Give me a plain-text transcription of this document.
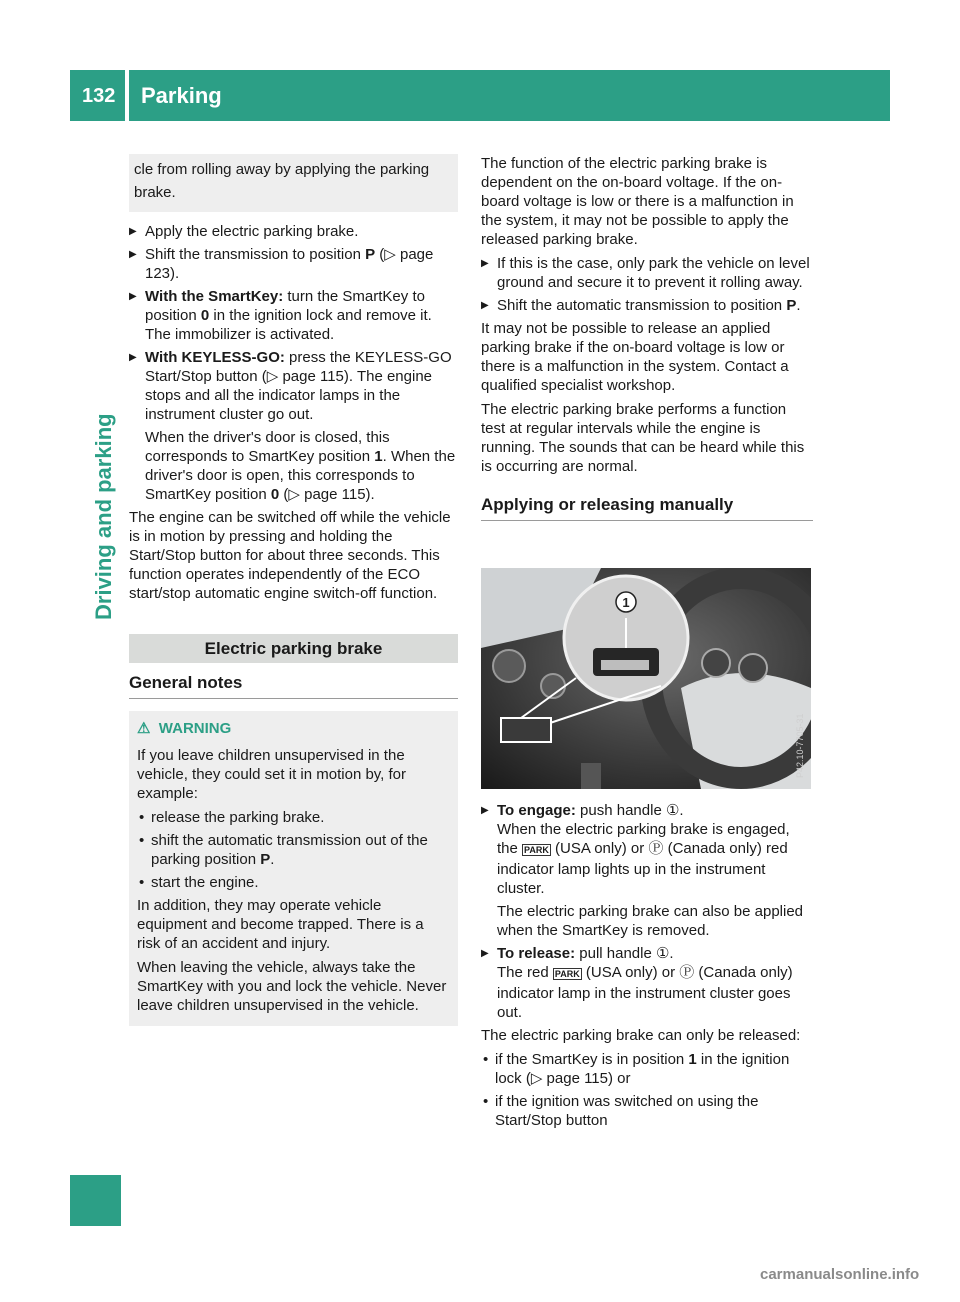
132 Parking
Driving and parking

cle from rolling away by applying the parking brake.

▶ Apply the electric parking brake.
▶ Shift the transmission to position P (▷ page 123).
▶ With the SmartKey: turn the SmartKey to position 0 in the ignition lock and remove it. The immobilizer is activated.
▶ With KEYLESS-GO: press the KEYLESS-GO Start/Stop button (▷ page 115). The engine stops and all the indicator lamps in the instrument cluster go out.

When the driver's door is closed, this corresponds to SmartKey position 1. When the driver's door is open, this corresponds to SmartKey position 0 (▷ page 115).

The engine can be switched off while the vehicle is in motion by pressing and holding the Start/Stop button for about three seconds. This function operates independently of the ECO start/stop automatic engine switch-off function.

Electric parking brake
General notes
⚠ WARNING

If you leave children unsupervised in the vehicle, they could set it in motion by, for example:

• release the parking brake.
• shift the automatic transmission out of the parking position P.
• start the engine.

In addition, they may operate vehicle equipment and become trapped. There is a risk of an accident and injury.

When leaving the vehicle, always take the SmartKey with you and lock the vehicle. Never leave children unsupervised in the vehicle.

The function of the electric parking brake is dependent on the on-board voltage. If the on-board voltage is low or there is a malfunction in the system, it may not be possible to apply the released parking brake.

▶ If this is the case, only park the vehicle on level ground and secure it to prevent it rolling away.
▶ Shift the automatic transmission to position P.

It may not be possible to release an applied parking brake if the on-board voltage is low or there is a malfunction in the system. Contact a qualified specialist workshop.

The electric parking brake performs a function test at regular intervals while the engine is running. The sounds that can be heard while this is occurring are normal.

Applying or releasing manually
1
P42.10-7705-31
▶ To engage: push handle ①.
When the electric parking brake is engaged, the PARK (USA only) or Ⓟ (Canada only) red indicator lamp lights up in the instrument cluster.

The electric parking brake can also be applied when the SmartKey is removed.

▶ To release: pull handle ①.
The red PARK (USA only) or Ⓟ (Canada only) indicator lamp in the instrument cluster goes out.

The electric parking brake can only be released:

• if the SmartKey is in position 1 in the ignition lock (▷ page 115) or
• if the ignition was switched on using the Start/Stop button
carmanualsonline.info
